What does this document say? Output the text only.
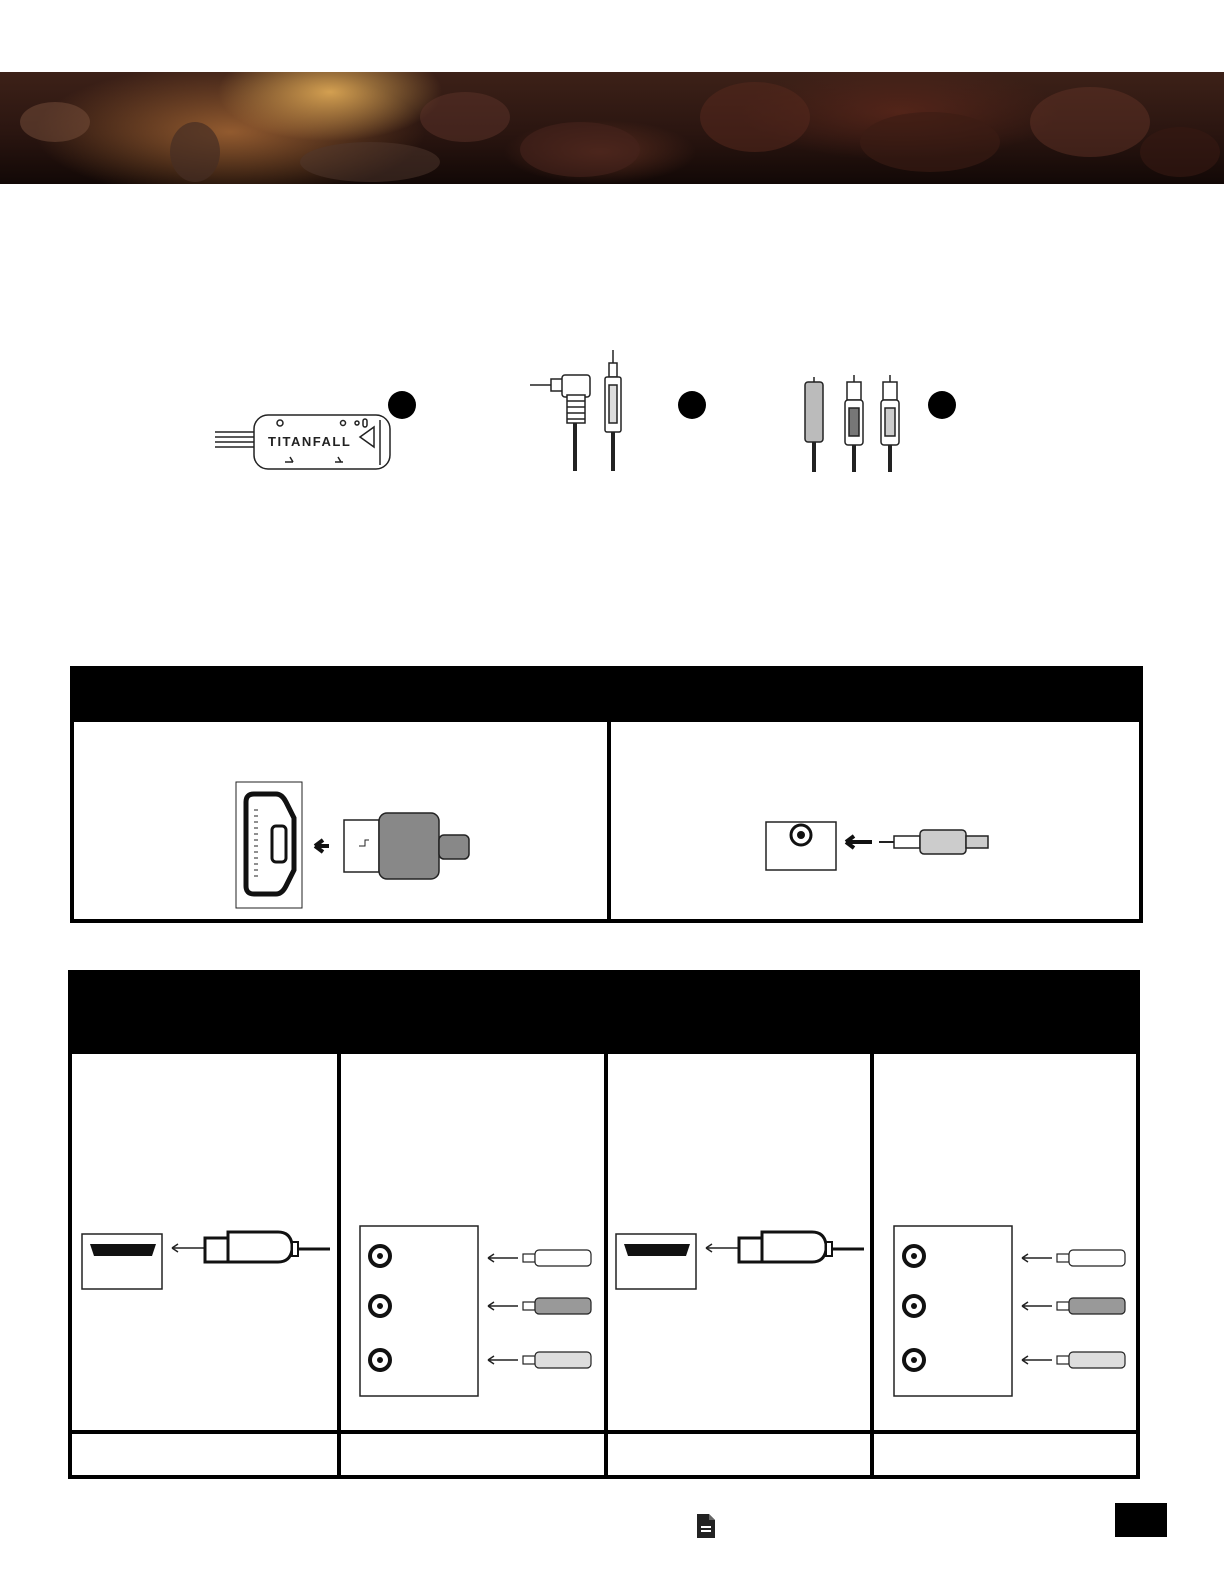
TITANFALL
